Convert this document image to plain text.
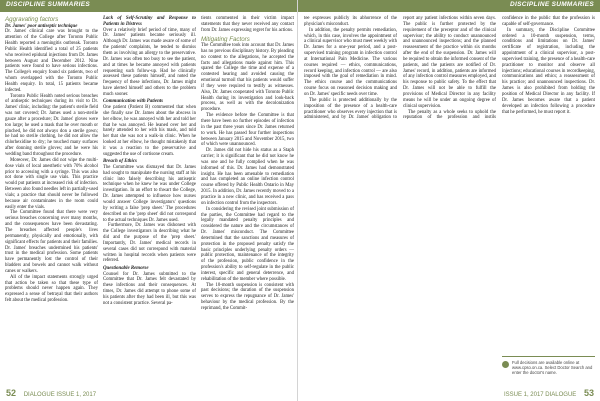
DISCIPLINE SUMMARIES	DISCIPLINE SUMMARIES
Aggravating factors

Dr. James' poor antiseptic technique

Dr. James' clinical care was brought to the attention of the College after Toronto Public Health reported a meningitis outbreak. Toronto Public Health identified a total of 25 patients who received epidural injections from Dr. James between August and December 2012. Nine patients were found to have serious infections. The College's enquiry found six patients, two of whom overlapped with the Toronto Public Health enquiry. In total, 15 patients became infected.

Toronto Public Health noted serious breaches of antiseptic techniques during its visit to Dr. James' clinic, including: the patient's sterile field was not covered; Dr. James used a non-sterile gauze after a procedure; Dr. James' gloves were too large; he used a mask that he over mouth or pinched, he did not always don a sterile gown; he had no sterile clothing, he did not allow the chlorhexidine to dry; he touched many surfaces after donning sterile gloves; and he were his wedding band throughout the procedure.

Moreover, Dr. James did not wipe the multi-dose vials of local anesthetic with 70% alcohol prior to accessing with a syringe. This was also not done with single use vials. This practice would put patients at increased risk of infection. Between also found needles left in partially-used vials; a practice that should never be followed because air contaminates in the room could easily enter the vials.

The Committee found that there were very serious breaches concerning over many months, and the consequences have been devastating. The breaches affected people's lives permanently, physically and emotionally, with significant effects for patients and their families. Dr. James' breaches undermined his patients' trust in the medical profession. Some patients have permanently lost the control of their bladders and bowels and cannot walk without canes or walkers.

All of the impact statements strongly urged that action be taken so that these type of problems should never happen again. They expressed a sense of betrayal that their authors felt about the medical profession.

Lack of Self-Scrutiny and Response to Patients in Distress

Over a relatively brief period of time, many of Dr. James' patients became seriously ill. Although Dr. James was made aware of some of the patients' complaints, he tended to dismiss them as involving an allergy to the preservative. Dr. James was often too busy to see the patient, and at times he became annoyed with patients requesting such follow-up. Had he clinically assessed these patients himself, and noted the frequency of these infections, Dr. James might have alerted himself and others to the problem much sooner.

Communication with Patients

One patient (Patient B) commented that when she finally saw Dr. James about the abscess in her elbow, he was annoyed with her and told her that he was annoyed. He leaned over her and barely attended to her with his mask, and told her that she was not a walk-in clinic. When he looked at her elbow, he thought mistakenly that it was a reaction to the preservative and suggested the use of cortisone cream.

Breach of Ethics

The Committee was dismayed that Dr. James had sought to manipulate the nursing staff at his clinic into falsely describing his antiseptic technique when he knew he was under College investigation. In an effort to thwart the College, Dr. James attempted to influence how nurses would answer College investigators' questions by writing a false 'prep sheet.' The procedures described on the 'prep sheet' did not correspond to the actual techniques Dr. James used.

Furthermore, Dr. James was dishonest with the College investigators in describing what he did and the purpose of the 'prep sheet.' Importantly, Dr. James' medical records in several cases did not correspond with material written in hospital records when patients were referred.

Questionable Remorse

Counsel for Dr. James submitted to the Committee that Dr. James felt devastated by these infections and their consequences. At times, Dr. James did attempt to phone some of his patients after they had been ill, but this was not a consistent practice. Several pa-

tients commented in their victim impact statements that they never received any contact from Dr. James expressing regret for his actions.

Mitigating Factors

The Committee took into account that Dr. James has no previous disciplinary history. By pleading no contest to the allegations, he accepted the facts and allegations made against him. This spared the College the time and expense of a contested hearing and avoided causing the emotional turmoil that his patients would suffer if they were required to testify as witnesses. Also, Dr. James cooperated with Toronto Public Health during its investigation and look-back process, as well as with the decolonization procedure.

The evidence before the Committee is that there have been no further episodes of infection in the past three years since Dr. James returned to work. He has passed four further inspections between January 2015 and November 2015, two of which were unannounced.

Dr. James did not hide his status as a Staph carrier; it is significant that he did not know he was one and he fully complied when he was informed of this. Dr. James had demonstrated insight. He has been amenable to remediation and has completed an online infection control course offered by Public Health Ontario in May 2015. In addition, Dr. James recently moved to a practice in a new clinic, and has received a pass on infection control from the inspectors.

In considering the revised joint submission of the parties, the Committee had regard to the legally mandated penalty principles and considered the nature and the circumstances of Dr. James' misconduct. The Committee determined that the sanctions and measures of protection in the proposed penalty satisfy the basic principles underlying penalty orders — public protection, maintenance of the integrity of the profession, public confidence in the profession's ability to self-regulate in the public interest, specific and general deterrence, and rehabilitation of the member where possible.

The 10-month suspension is consistent with past decisions; the duration of the suspension serves to express the repugnance of Dr. James' behaviour by the medical profession. By the reprimand, the Commit-

tee expresses publicly its abhorrence of the physician's misconduct.

In addition, the penalty permits remediation, which, in this case, involves the appointment of a clinical supervisor who must meet weekly with Dr. James for a one-year period, and a post-supervised training program in infection control at International Pain Medicine. The various courses required — ethics, communications, record keeping, and infection control — are also imposed with the goal of remediation in mind. The ethics course and the communications course focus on reasoned decision making and on Dr. James' specific needs over time.

The public is protected additionally by the imposition of the presence of a health-care practitioner who observes every injection that is administered, and by Dr. James' obligation to report any patient infections within seven days. The public is further protected by the requirement of the preceptor and of the clinical supervisor; the ability to conduct unannounced and unannounced inspections; and the planned reassessment of the practice within six months after the end of the suspension. Dr. James will be required to obtain the informed consent of the patients, and the patients are notified of Dr. James' record, in addition, patients are informed of any infection control measures employed, and his response to public safety. To the effect that Dr. James will not be able to fulfill the provisions of Medical Director in any facility means he will be under an ongoing degree of clinical supervision.

The penalty as a whole seeks to uphold the reputation of the profession and instils confidence in the public that the profession is capable of self-governance.

In summary, the Discipline Committee ordered a 10-month suspension, terms, conditions and limitations on Dr. James' certificate of registration, including the appointment of a clinical supervisor, a post-supervised training, the presence of a health-care practitioner to monitor and observe all injections; educational courses in recordkeeping, communications and ethics; a reassessment of his practice; and unannounced inspections. Dr. James is also prohibited from holding the position of Medical Director in any facility. If Dr. James becomes aware that a patient developed an infection following a procedure that he performed, he must report it.

Full decisions are available online at www.cpso.on.ca. Select Doctor Search and enter the doctor's name.
52 DIALOGUE ISSUE 1, 2017	ISSUE 1, 2017 DIALOGUE 53
